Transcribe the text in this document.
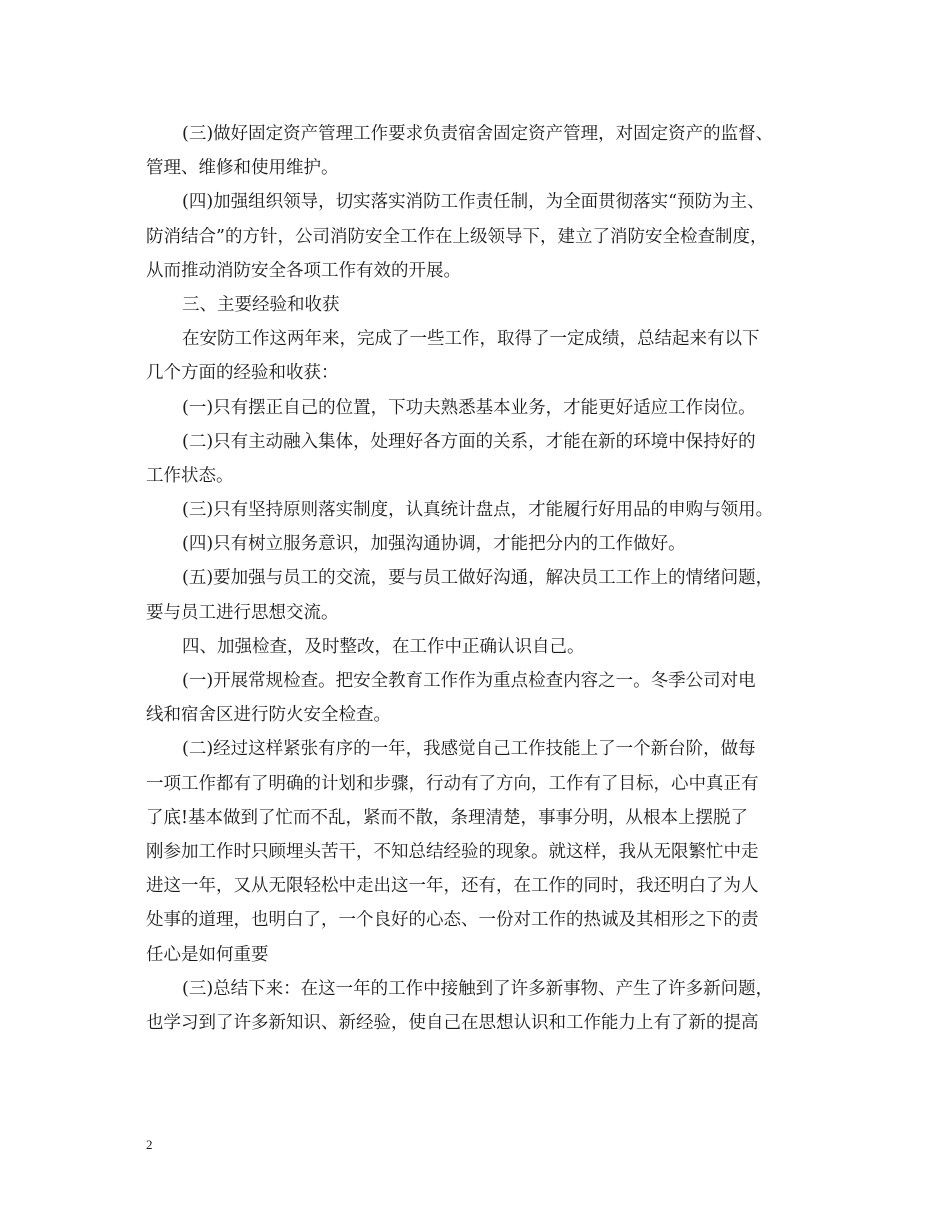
(三)做好固定资产管理工作要求负责宿舍固定资产管理，对固定资产的监督、
管理、维修和使用维护。

(四)加强组织领导，切实落实消防工作责任制，为全面贯彻落实“预防为主、
防消结合”的方针，公司消防安全工作在上级领导下，建立了消防安全检查制度，
从而推动消防安全各项工作有效的开展。

三、主要经验和收获

在安防工作这两年来，完成了一些工作，取得了一定成绩，总结起来有以下
几个方面的经验和收获：

(一)只有摆正自己的位置，下功夫熟悉基本业务，才能更好适应工作岗位。

(二)只有主动融入集体，处理好各方面的关系，才能在新的环境中保持好的
工作状态。

(三)只有坚持原则落实制度，认真统计盘点，才能履行好用品的申购与领用。

(四)只有树立服务意识，加强沟通协调，才能把分内的工作做好。

(五)要加强与员工的交流，要与员工做好沟通，解决员工工作上的情绪问题，
要与员工进行思想交流。

四、加强检查，及时整改，在工作中正确认识自己。

(一)开展常规检查。把安全教育工作作为重点检查内容之一。冬季公司对电
线和宿舍区进行防火安全检查。

(二)经过这样紧张有序的一年，我感觉自己工作技能上了一个新台阶，做每
一项工作都有了明确的计划和步骤，行动有了方向，工作有了目标，心中真正有
了底!基本做到了忙而不乱，紧而不散，条理清楚，事事分明，从根本上摆脱了
刚参加工作时只顾埋头苦干，不知总结经验的现象。就这样，我从无限繁忙中走
进这一年，又从无限轻松中走出这一年，还有，在工作的同时，我还明白了为人
处事的道理，也明白了，一个良好的心态、一份对工作的热诚及其相形之下的责
任心是如何重要

(三)总结下来：在这一年的工作中接触到了许多新事物、产生了许多新问题，
也学习到了许多新知识、新经验，使自己在思想认识和工作能力上有了新的提高

2
